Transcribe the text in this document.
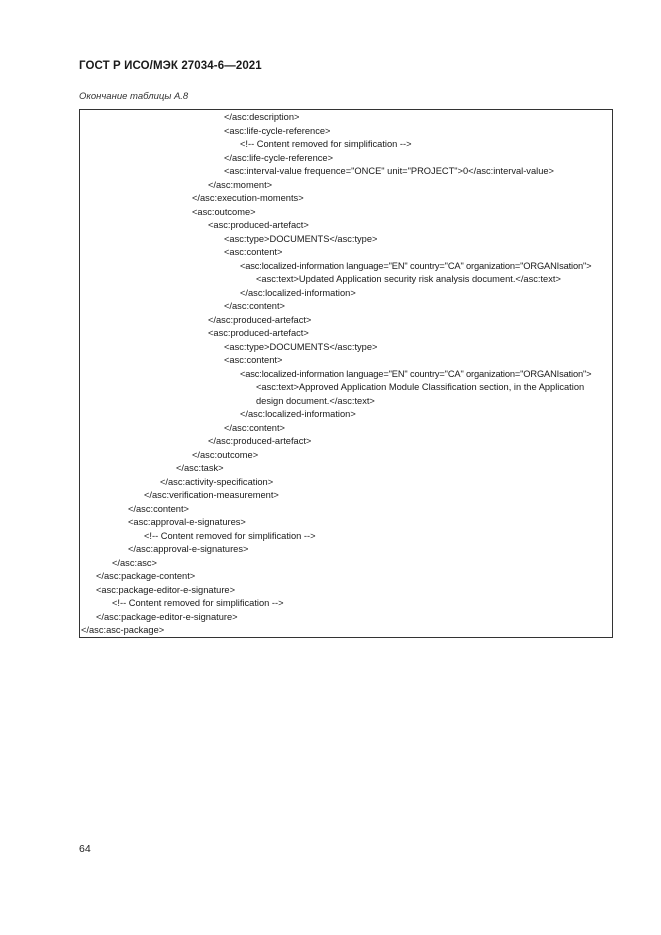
ГОСТ Р ИСО/МЭК 27034-6—2021
Окончание таблицы А.8
</asc:description>
<asc:life-cycle-reference>
<!-- Content removed for simplification -->
</asc:life-cycle-reference>
<asc:interval-value frequence="ONCE" unit="PROJECT">0</asc:interval-value>
</asc:moment>
</asc:execution-moments>
<asc:outcome>
<asc:produced-artefact>
<asc:type>DOCUMENTS</asc:type>
<asc:content>
<asc:localized-information language="EN" country="CA" organization="ORGANIsation">
<asc:text>Updated Application security risk analysis document.</asc:text>
</asc:localized-information>
</asc:content>
</asc:produced-artefact>
<asc:produced-artefact>
<asc:type>DOCUMENTS</asc:type>
<asc:content>
<asc:localized-information language="EN" country="CA" organization="ORGANIsation">
<asc:text>Approved Application Module Classification section, in the Application
design document.</asc:text>
</asc:localized-information>
</asc:content>
</asc:produced-artefact>
</asc:outcome>
</asc:task>
</asc:activity-specification>
</asc:verification-measurement>
</asc:content>
<asc:approval-e-signatures>
<!-- Content removed for simplification -->
</asc:approval-e-signatures>
</asc:asc>
</asc:package-content>
<asc:package-editor-e-signature>
<!-- Content removed for simplification -->
</asc:package-editor-e-signature>
</asc:asc-package>
64
